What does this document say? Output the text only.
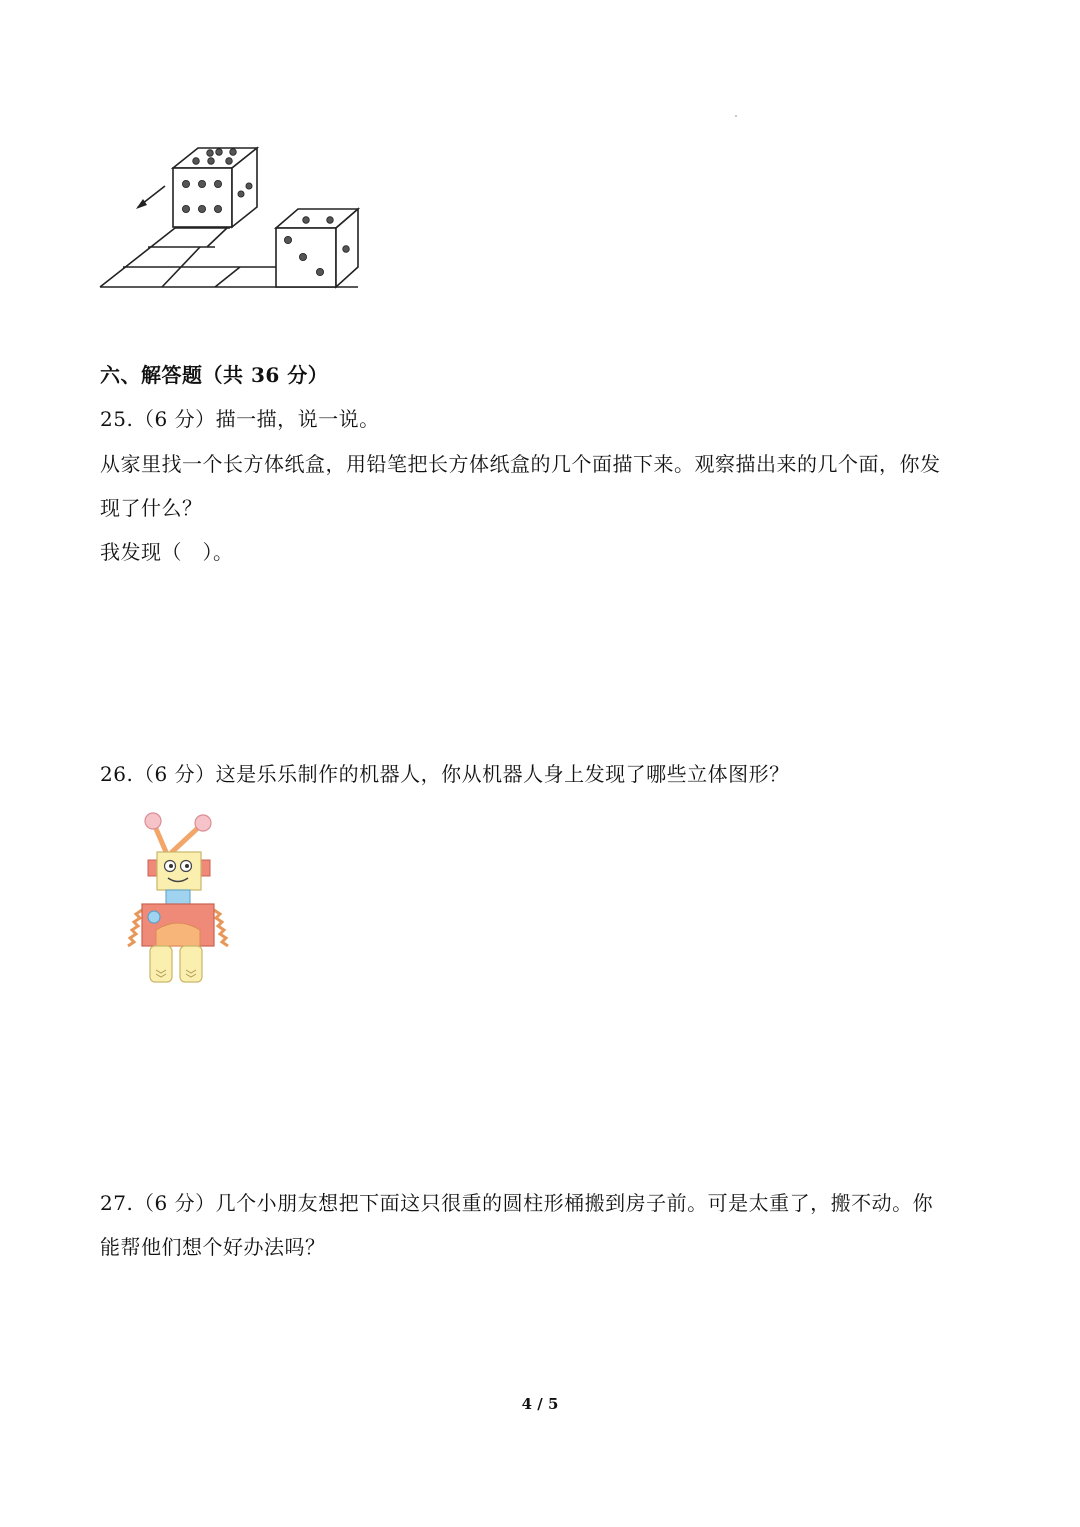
六、解答题（共 36 分）
25. （6 分）描一描，说一说。
从家里找一个长方体纸盒，用铅笔把长方体纸盒的几个面描下来。观察描出来的几个面，你发
现了什么？
我发现（　）。
26. （6 分）这是乐乐制作的机器人，你从机器人身上发现了哪些立体图形？
27. （6 分）几个小朋友想把下面这只很重的圆柱形桶搬到房子前。可是太重了，搬不动。你
能帮他们想个好办法吗？
4 / 5
